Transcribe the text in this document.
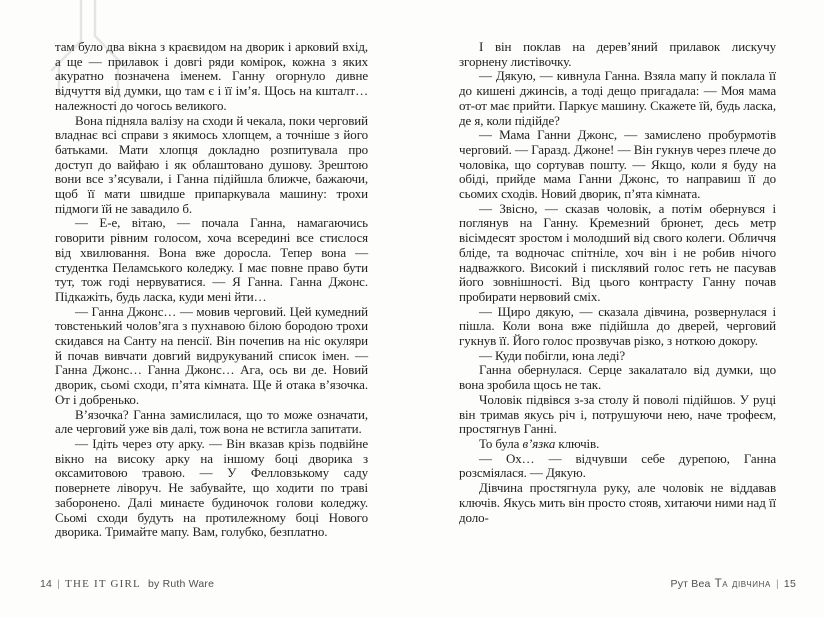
там було два вікна з краєвидом на дворик і арковий вхід, а ще — прилавок і довгі ряди комірок, кожна з яких акуратно позначена іменем. Ганну огорнуло дивне відчуття від думки, що там є і її ім’я. Щось на кшталт… належності до чогось великого.

Вона підняла валізу на сходи й чекала, поки черговий владнає всі справи з якимось хлопцем, а точніше з його батьками. Мати хлопця докладно розпитувала про доступ до вайфаю і як облаштовано душову. Зрештою вони все з’ясували, і Ганна підійшла ближче, бажаючи, щоб її мати швидше припаркувала машину: трохи підмоги їй не завадило б.

— Е-е, вітаю, — почала Ганна, намагаючись говорити рівним голосом, хоча всередині все стислося від хвилювання. Вона вже доросла. Тепер вона — студентка Пеламського коледжу. І має повне право бути тут, тож годі нервуватися. — Я Ганна. Ганна Джонс. Підкажіть, будь ласка, куди мені йти…

— Ганна Джонс… — мовив черговий. Цей кумедний товстенький чолов’яга з пухнавою білою бородою трохи скидався на Санту на пенсії. Він почепив на ніс окуляри й почав вивчати довгий видрукуваний список імен. — Ганна Джонс… Ганна Джонс… Ага, ось ви де. Новий дворик, сьомі сходи, п’ята кімната. Ще й отака в’язочка. От і добренько.

В’язочка? Ганна замислилася, що то може означати, але черговий уже вів далі, тож вона не встигла запитати.

— Ідіть через оту арку. — Він вказав крізь подвійне вікно на високу арку на іншому боці дворика з оксамитовою травою. — У Фелловзькому саду повернете ліворуч. Не забувайте, що ходити по траві заборонено. Далі минаєте будиночок голови коледжу. Сьомі сходи будуть на протилежному боці Нового дворика. Тримайте мапу. Вам, голубко, безплатно.

14 | THE IT GIRL by Ruth Ware

І він поклав на дерев’яний прилавок лискучу згорнену листівочку.

— Дякую, — кивнула Ганна. Взяла мапу й поклала її до кишені джинсів, а тоді дещо пригадала: — Моя мама от-от має прийти. Паркує машину. Скажете їй, будь ласка, де я, коли підійде?

— Мама Ганни Джонс, — замислено пробурмотів черговий. — Гаразд. Джоне! — Він гукнув через плече до чоловіка, що сортував пошту. — Якщо, коли я буду на обіді, прийде мама Ганни Джонс, то направиш її до сьомих сходів. Новий дворик, п’ята кімната.

— Звісно, — сказав чоловік, а потім обернувся і поглянув на Ганну. Кремезний брюнет, десь метр вісімдесят зростом і молодший від свого колеги. Обличчя бліде, та водночас спітніле, хоч він і не робив нічого надважкого. Високий і писклявий голос геть не пасував його зовнішності. Від цього контрасту Ганну почав пробирати нервовий сміх.

— Щиро дякую, — сказала дівчина, розвернулася і пішла. Коли вона вже підійшла до дверей, черговий гукнув її. Його голос прозвучав різко, з ноткою докору.

— Куди побігли, юна леді?

Ганна обернулася. Серце закалатало від думки, що вона зробила щось не так.

Чоловік підвівся з-за столу й поволі підійшов. У руці він тримав якусь річ і, потрушуючи нею, наче трофеєм, простягнув Ганні.

То була в’язка ключів.

— Ох… — відчувши себе дурепою, Ганна розсміялася. — Дякую.

Дівчина простягнула руку, але чоловік не віддавав ключів. Якусь мить він просто стояв, хитаючи ними над її доло-

Рут Веа Та дівчина | 15
